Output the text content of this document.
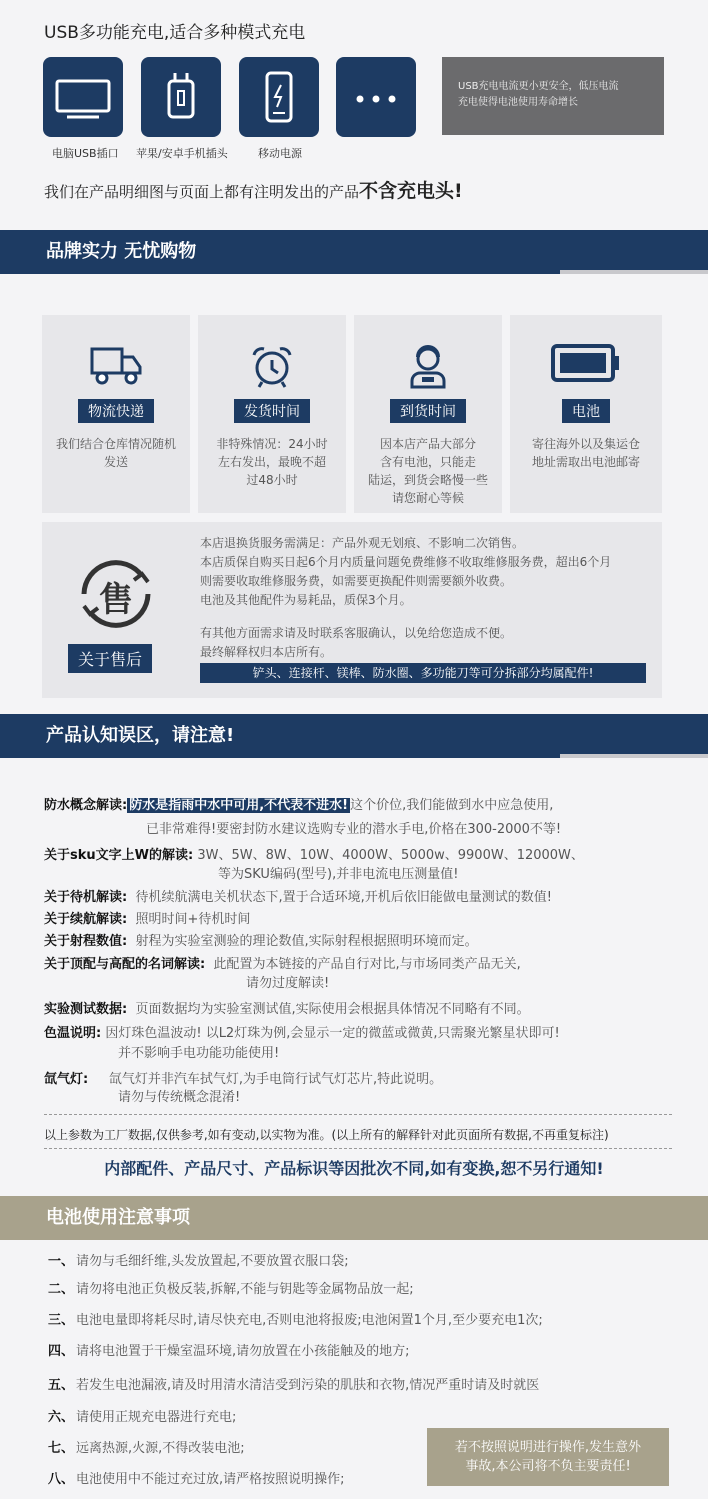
USB多功能充电,适合多种模式充电
电脑USB插口 苹果/安卓手机插头	移动电源
USB充电电流更小更安全，低压电流
充电使得电池使用寿命增长
我们在产品明细图与页面上都有注明发出的产品不含充电头!
品牌实力 无忧购物
物流快递
我们结合仓库情况随机
发送
发货时间
非特殊情况：24小时
左右发出，最晚不超
过48小时
到货时间
因本店产品大部分
含有电池，只能走
陆运，到货会略慢一些
请您耐心等候
电池
寄往海外以及集运仓
地址需取出电池邮寄
售
关于售后
本店退换货服务需满足：产品外观无划痕、不影响二次销售。
本店质保自购买日起6个月内质量问题免费维修不收取维修服务费，超出6个月
则需要收取维修服务费，如需要更换配件则需要额外收费。
电池及其他配件为易耗品，质保3个月。
有其他方面需求请及时联系客服确认，以免给您造成不便。
最终解释权归本店所有。
铲头、连接杆、镁棒、防水圈、多功能刀等可分拆部分均属配件!
产品认知误区，请注意!
防水概念解读: 防水是指雨中水中可用,不代表不进水! 这个价位,我们能做到水中应急使用,
已非常难得!要密封防水建议选购专业的潜水手电,价格在300-2000不等!
关于sku文字上W的解读: 3W、5W、8W、10W、4000W、5000w、9900W、12000W、
等为SKU编码(型号),并非电流电压测量值!
关于待机解读: 待机续航满电关机状态下,置于合适环境,开机后依旧能做电量测试的数值!
关于续航解读: 照明时间+待机时间
关于射程数值: 射程为实验室测验的理论数值,实际射程根据照明环境而定。
关于顶配与高配的名词解读: 此配置为本链接的产品自行对比,与市场同类产品无关,
请勿过度解读!
实验测试数据: 页面数据均为实验室测试值,实际使用会根据具体情况不同略有不同。
色温说明: 因灯珠色温波动! 以L2灯珠为例,会显示一定的微蓝或微黄,只需聚光繁星状即可!
并不影响手电功能功能使用!
氙气灯: 氙气灯并非汽车拭气灯,为手电筒行试气灯芯片,特此说明。
请勿与传统概念混淆!
以上参数为工厂数据,仅供参考,如有变动,以实物为准。(以上所有的解释针对此页面所有数据,不再重复标注)
内部配件、产品尺寸、产品标识等因批次不同,如有变换,恕不另行通知!
电池使用注意事项
一、 请勿与毛细纤维,头发放置起,不要放置衣服口袋;
二、 请勿将电池正负极反装,拆解,不能与钥匙等金属物品放一起;
三、 电池电量即将耗尽时,请尽快充电,否则电池将报废;电池闲置1个月,至少要充电1次;
四、 请将电池置于干燥室温环境,请勿放置在小孩能触及的地方;
五、 若发生电池漏液,请及时用清水清洁受到污染的肌肤和衣物,情况严重时请及时就医
六、 请使用正规充电器进行充电;
七、 远离热源,火源,不得改装电池;
八、 电池使用中不能过充过放,请严格按照说明操作;
若不按照说明进行操作,发生意外
事故,本公司将不负主要责任!
